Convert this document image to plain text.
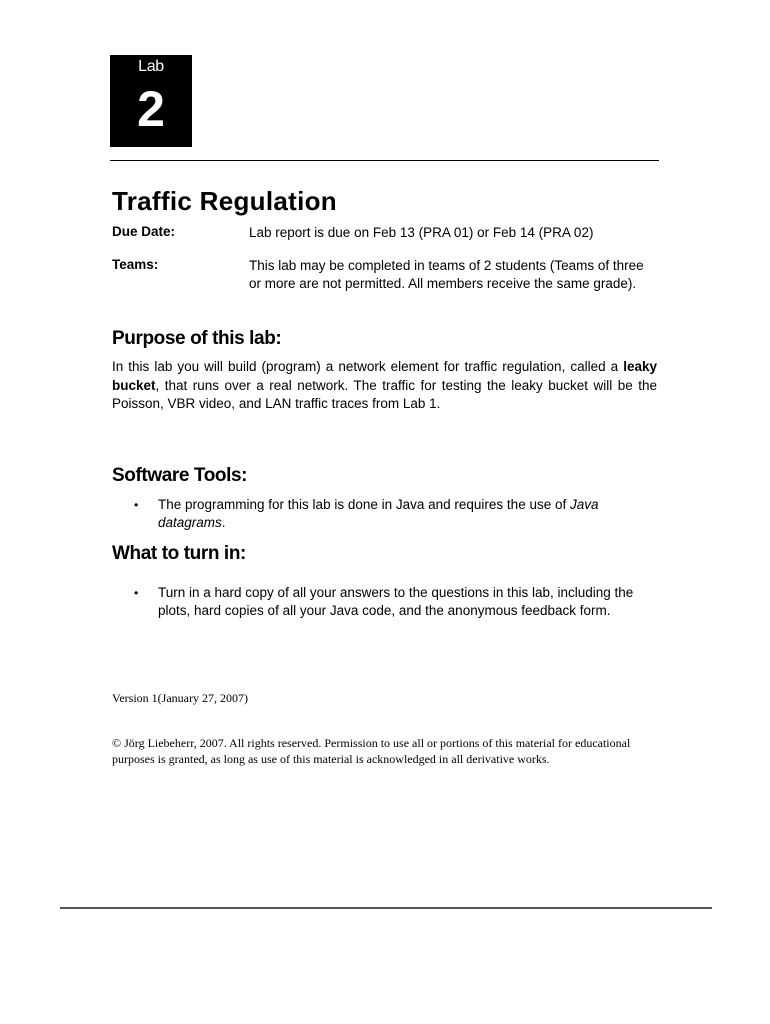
Lab
2
Traffic Regulation
Due Date:	Lab report is due on Feb 13 (PRA 01) or Feb 14 (PRA 02)
Teams:	This lab may be completed in teams of 2 students (Teams of three or more are not permitted. All members receive the same grade).
Purpose of this lab:
In this lab you will build (program) a network element for traffic regulation, called a leaky bucket, that runs over a real network. The traffic for testing the leaky bucket will be the Poisson, VBR video, and LAN traffic traces from Lab 1.
Software Tools:
• The programming for this lab is done in Java and requires the use of Java datagrams.
What to turn in:
• Turn in a hard copy of all your answers to the questions in this lab, including the plots, hard copies of all your Java code, and the anonymous feedback form.
Version 1(January 27, 2007)
© Jörg Liebeherr, 2007. All rights reserved. Permission to use all or portions of this material for educational purposes is granted, as long as use of this material is acknowledged in all derivative works.
